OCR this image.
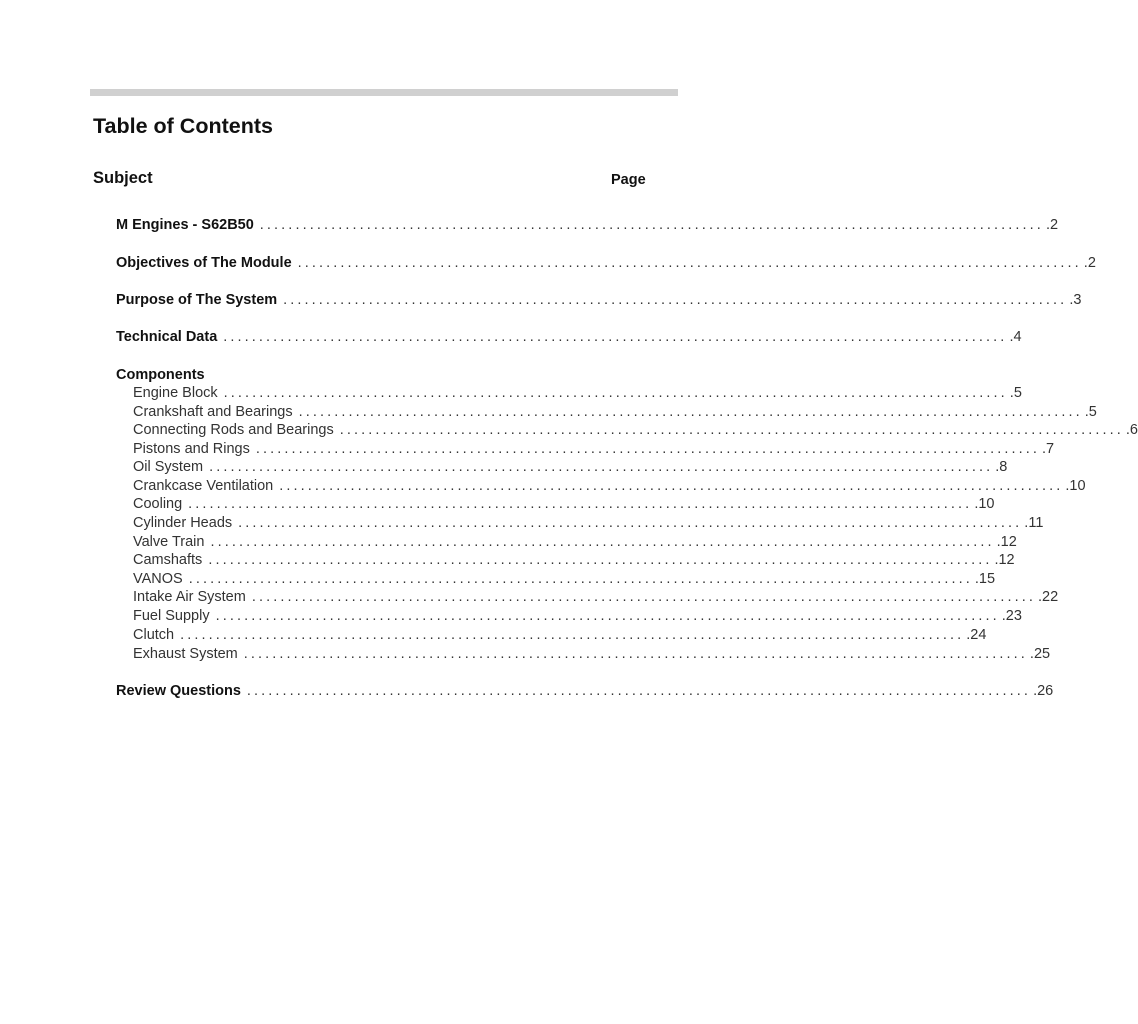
Table of Contents
Subject	Page
M Engines - S62B50 .............................................................................................................. .2
Objectives of The Module .............................................................................................................. .2
Purpose of The System .............................................................................................................. .3
Technical Data .............................................................................................................. .4
Components
Engine Block .............................................................................................................. .5
Crankshaft and Bearings .............................................................................................................. .5
Connecting Rods and Bearings .............................................................................................................. .6
Pistons and Rings .............................................................................................................. .7
Oil System .............................................................................................................. .8
Crankcase Ventilation .............................................................................................................. .10
Cooling .............................................................................................................. .10
Cylinder Heads .............................................................................................................. .11
Valve Train .............................................................................................................. .12
Camshafts .............................................................................................................. .12
VANOS .............................................................................................................. .15
Intake Air System .............................................................................................................. .22
Fuel Supply .............................................................................................................. .23
Clutch .............................................................................................................. .24
Exhaust System .............................................................................................................. .25
Review Questions .............................................................................................................. .26
